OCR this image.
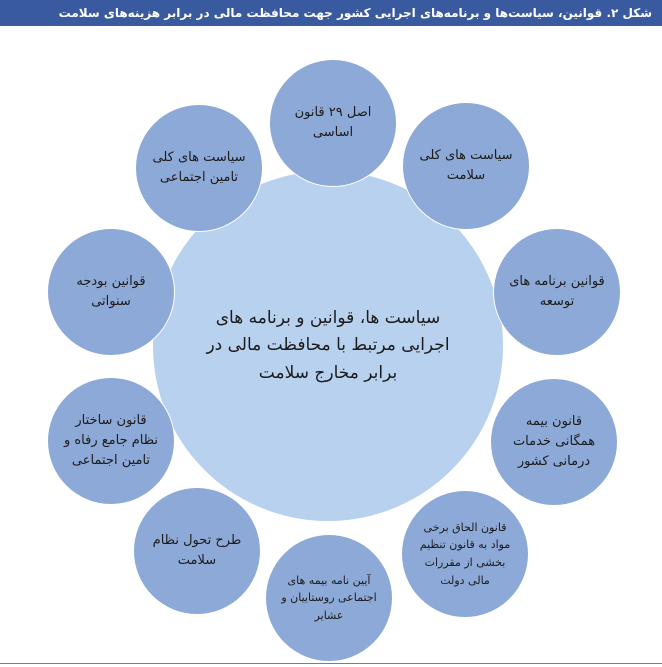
شکل ۲. قوانین، سیاست‌ها و برنامه‌های اجرایی کشور جهت محافظت مالی در برابر هزینه‌های سلامت
سیاست ها، قوانین و برنامه های اجرایی مرتبط با محافظت مالی در برابر مخارج سلامت
اصل ۲۹ قانون اساسی
سیاست های کلی سلامت
قوانین برنامه های توسعه
قانون بیمه همگانی خدمات درمانی کشور
قانون الحاق برخی مواد به قانون تنظیم بخشی از مقررات مالی دولت
آیین نامه بیمه های اجتماعی روستاییان و عشایر
طرح تحول نظام سلامت
قانون ساختار نظام جامع رفاه و تامین اجتماعی
قوانین بودجه سنواتی
سیاست های کلی تامین اجتماعی
